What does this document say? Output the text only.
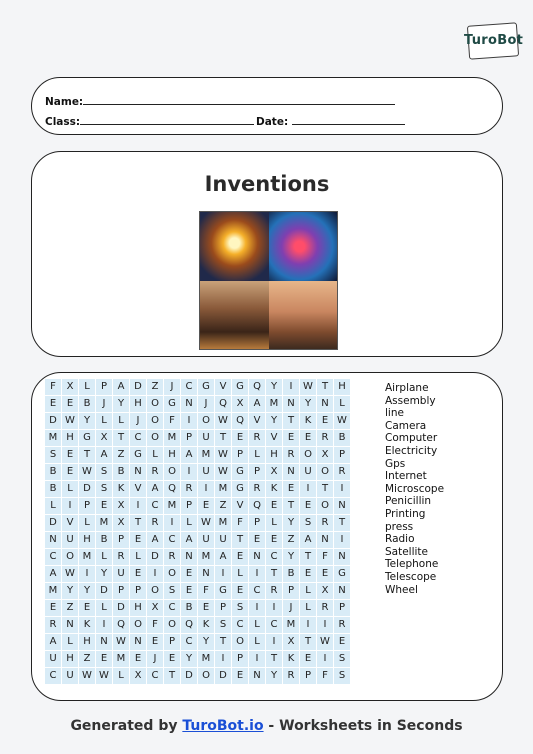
TuroBot
Name:
Class:	Date:
Inventions
F	X	L	P	A D Z	J	C G V G Q	Y	I	W T	H
E	E	B	J	Y	H O G N	J	Q X	A M N	Y	N	L
D W Y	L	L	J	O	F	I	O W Q V	Y	T	K	E W
M H G X	T	C O M P	U	T	E	R	V	E	E	R	B
S	E	T	A	Z G	L	H A M W P	L	H R O X	P
B	E W S	B N R O	I	U W G	P	X N U O R
B	L	D S	K	V	A Q R	I	M G R	K	E	I	T	I
L	I	P	E	X	I	C M P	E	Z	V Q E	T	E O N
D V	L M X	T	R	I	L W M F	P	L	Y	S	R	T
N U H B	P	E	A	C	A U U	T	E	E	Z	A N	I
C O M L	R	L	D R N M A	E	N C	Y	T	F	N
A W	I	Y	U	E	I	O E	N	I	L	I	T	B	E	E G
M Y	Y	D	P	P	O S	E	F	G E	C	R	P	L	X N
E	Z	E	L	D H X	C	B	E	P	S	I	I	J	L	R	P
R N K	I	Q O	F	O Q K	S	C	L	C M	I	I	R
A	L	H N W N	E	P	C	Y	T	O	L	I	X	T W E
U H Z	E M E	J	E	Y M	I	P	I	T	K	E	I	S
C U W W L	X	C	T	D O D E	N	Y	R	P	F	S
Airplane
Assembly
line
Camera
Computer
Electricity
Gps
Internet
Microscope
Penicillin
Printing
press
Radio
Satellite
Telephone
Telescope
Wheel
Generated by TuroBot.io - Worksheets in Seconds
